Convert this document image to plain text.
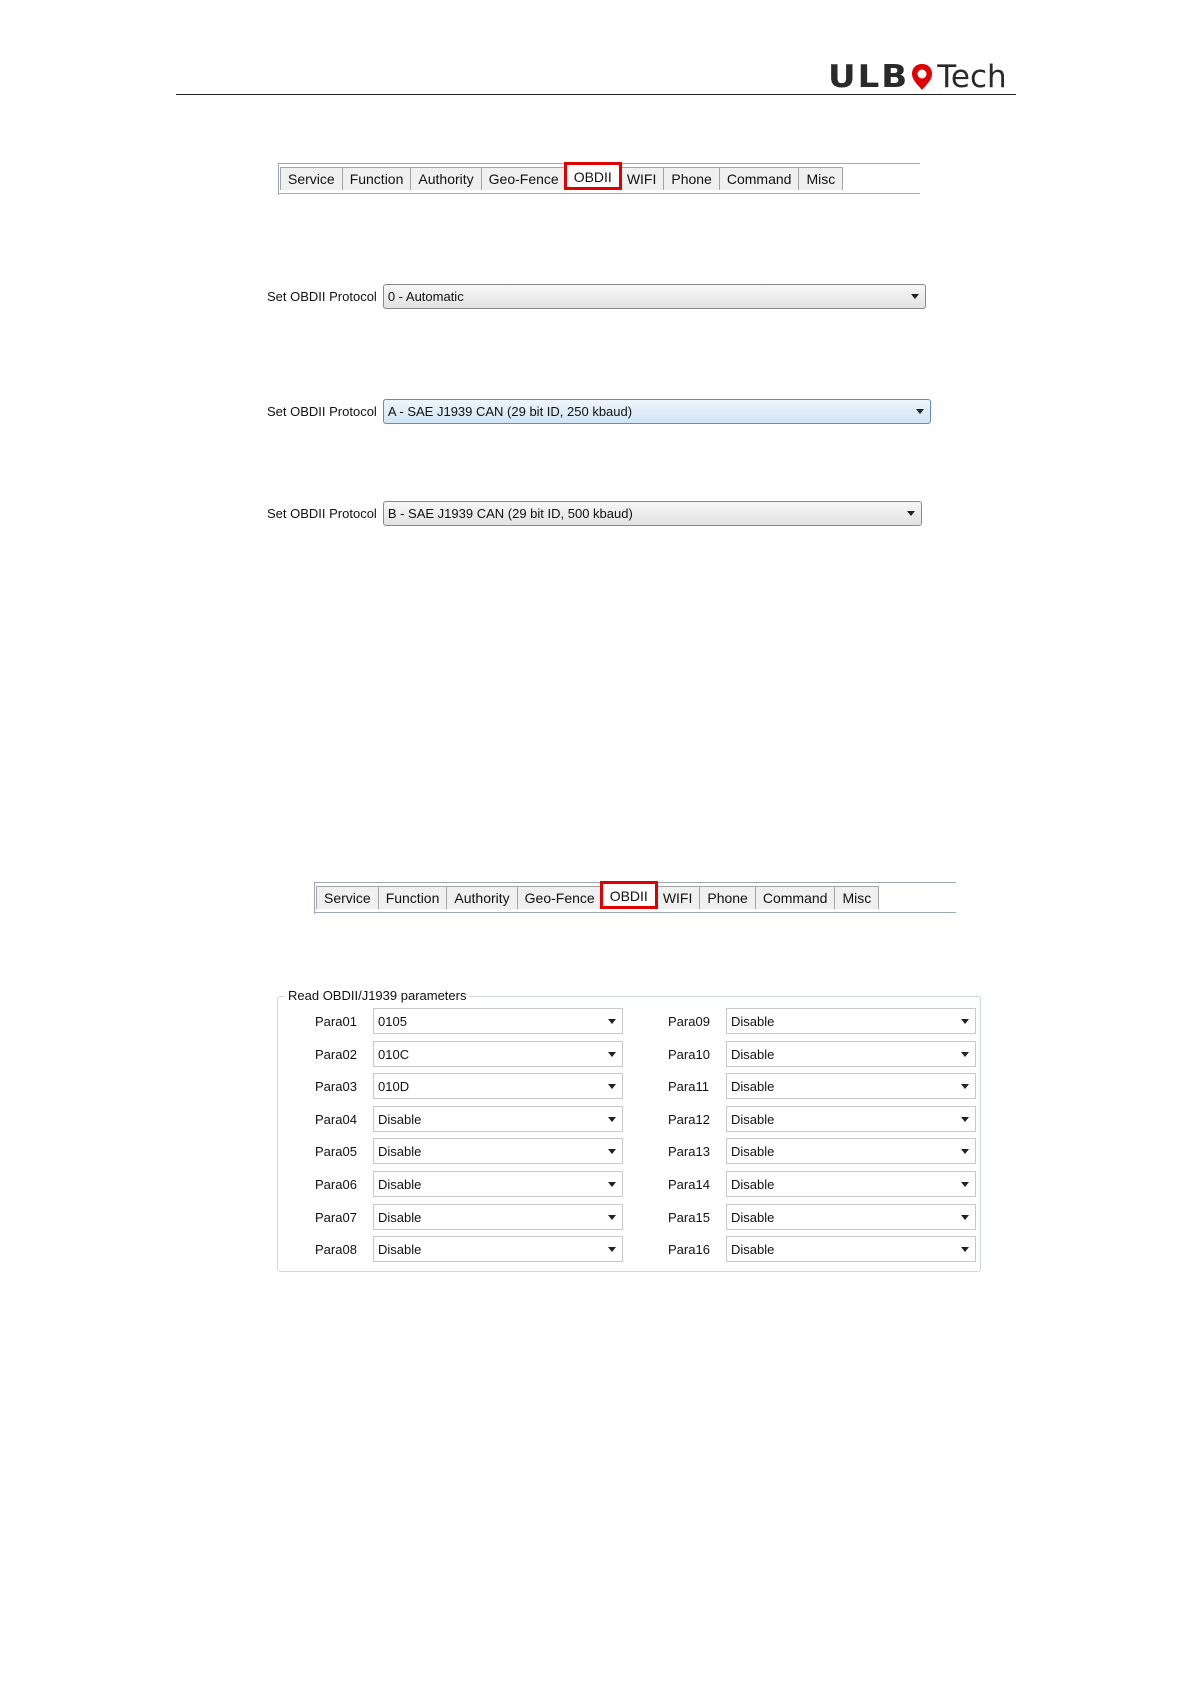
ULB Tech
Service	Function	Authority	Geo-Fence	OBDII	WIFI	Phone	Command	Misc
Set OBDII Protocol 0 - Automatic
Set OBDII Protocol A - SAE J1939 CAN (29 bit ID, 250 kbaud)
Set OBDII Protocol B - SAE J1939 CAN (29 bit ID, 500 kbaud)
Service	Function	Authority	Geo-Fence	OBDII	WIFI	Phone	Command	Misc
Read OBDII/J1939 parameters
Para01	0105
Para02	010C
Para03	010D
Para04	Disable
Para05	Disable
Para06	Disable
Para07	Disable
Para08	Disable
Para09	Disable
Para10	Disable
Para11	Disable
Para12	Disable
Para13	Disable
Para14	Disable
Para15	Disable
Para16	Disable
